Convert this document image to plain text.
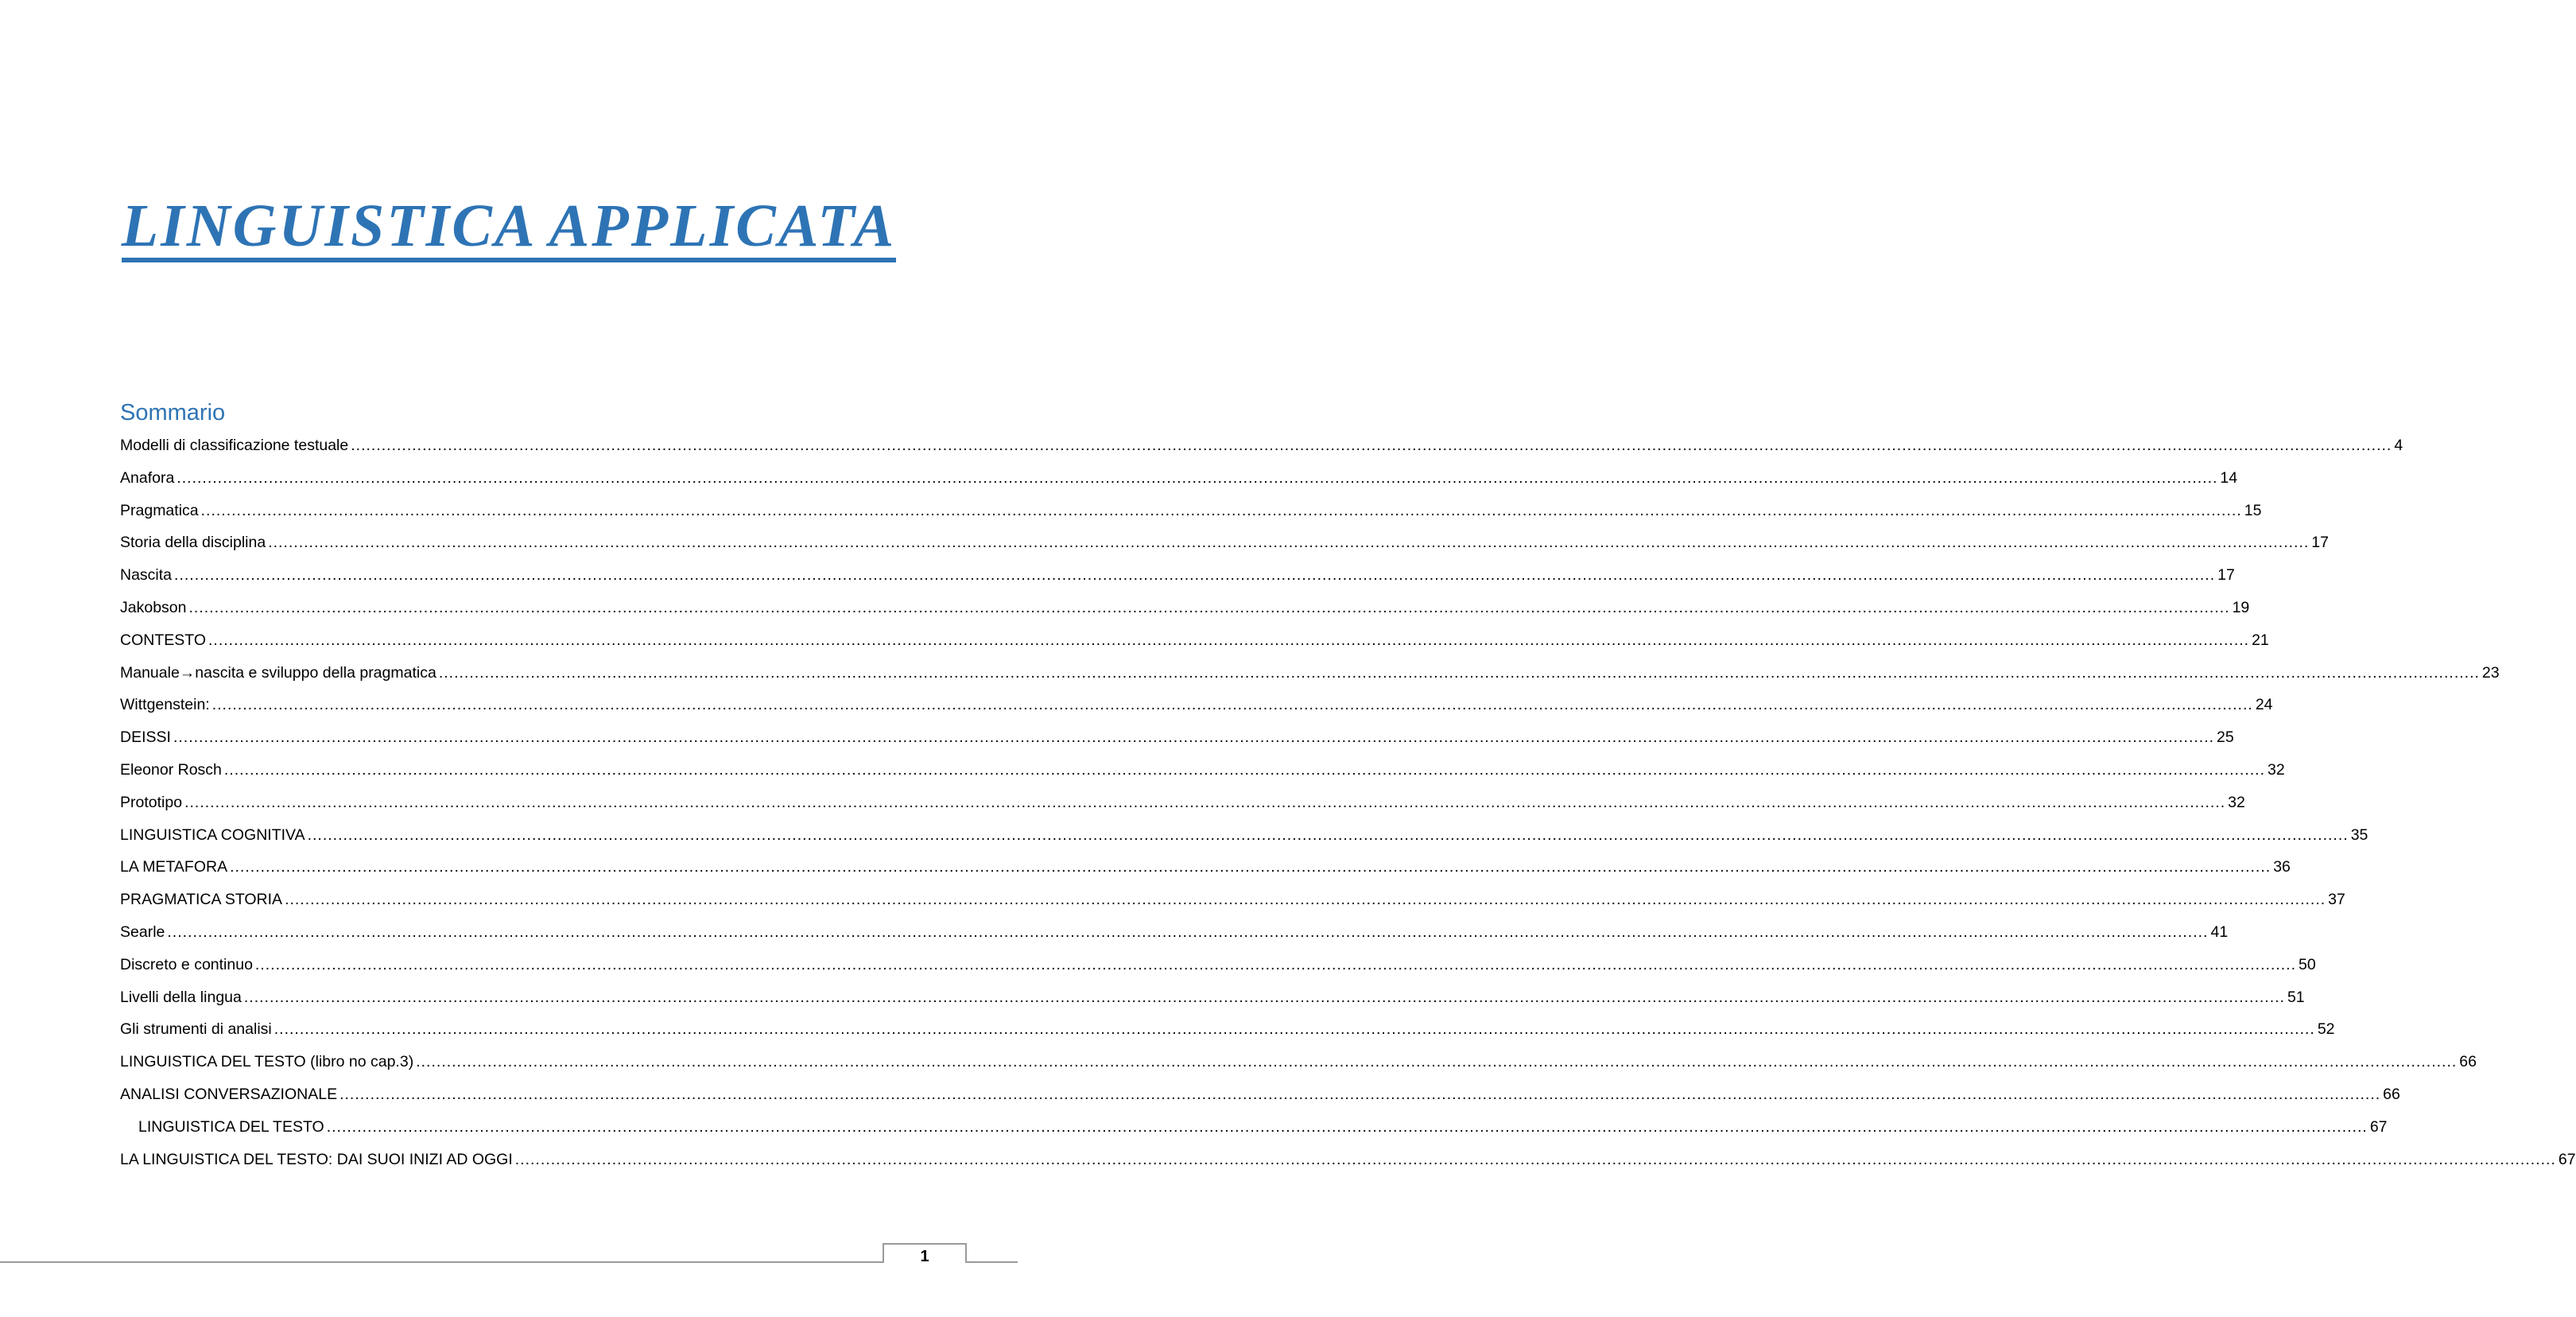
LINGUISTICA APPLICATA
Sommario
Modelli di classificazione testuale ................................................................................................................................................................................................................................................................................................................................................................................................................ 4
Anafora ................................................................................................................................................................................................................................................................................................................................................................................................................ 14
Pragmatica ................................................................................................................................................................................................................................................................................................................................................................................................................ 15
Storia della disciplina ................................................................................................................................................................................................................................................................................................................................................................................................................ 17
Nascita ................................................................................................................................................................................................................................................................................................................................................................................................................ 17
Jakobson ................................................................................................................................................................................................................................................................................................................................................................................................................ 19
CONTESTO ................................................................................................................................................................................................................................................................................................................................................................................................................ 21
Manuale→nascita e sviluppo della pragmatica ................................................................................................................................................................................................................................................................................................................................................................................................................ 23
Wittgenstein: ................................................................................................................................................................................................................................................................................................................................................................................................................ 24
DEISSI ................................................................................................................................................................................................................................................................................................................................................................................................................ 25
Eleonor Rosch ................................................................................................................................................................................................................................................................................................................................................................................................................ 32
Prototipo ................................................................................................................................................................................................................................................................................................................................................................................................................ 32
LINGUISTICA COGNITIVA ................................................................................................................................................................................................................................................................................................................................................................................................................ 35
LA METAFORA ................................................................................................................................................................................................................................................................................................................................................................................................................ 36
PRAGMATICA STORIA ................................................................................................................................................................................................................................................................................................................................................................................................................ 37
Searle ................................................................................................................................................................................................................................................................................................................................................................................................................ 41
Discreto e continuo ................................................................................................................................................................................................................................................................................................................................................................................................................ 50
Livelli della lingua ................................................................................................................................................................................................................................................................................................................................................................................................................ 51
Gli strumenti di analisi ................................................................................................................................................................................................................................................................................................................................................................................................................ 52
LINGUISTICA DEL TESTO (libro no cap.3) ................................................................................................................................................................................................................................................................................................................................................................................................................ 66
ANALISI CONVERSAZIONALE ................................................................................................................................................................................................................................................................................................................................................................................................................ 66
LINGUISTICA DEL TESTO ................................................................................................................................................................................................................................................................................................................................................................................................................ 67
LA LINGUISTICA DEL TESTO: DAI SUOI INIZI AD OGGI ................................................................................................................................................................................................................................................................................................................................................................................................................ 67
1
